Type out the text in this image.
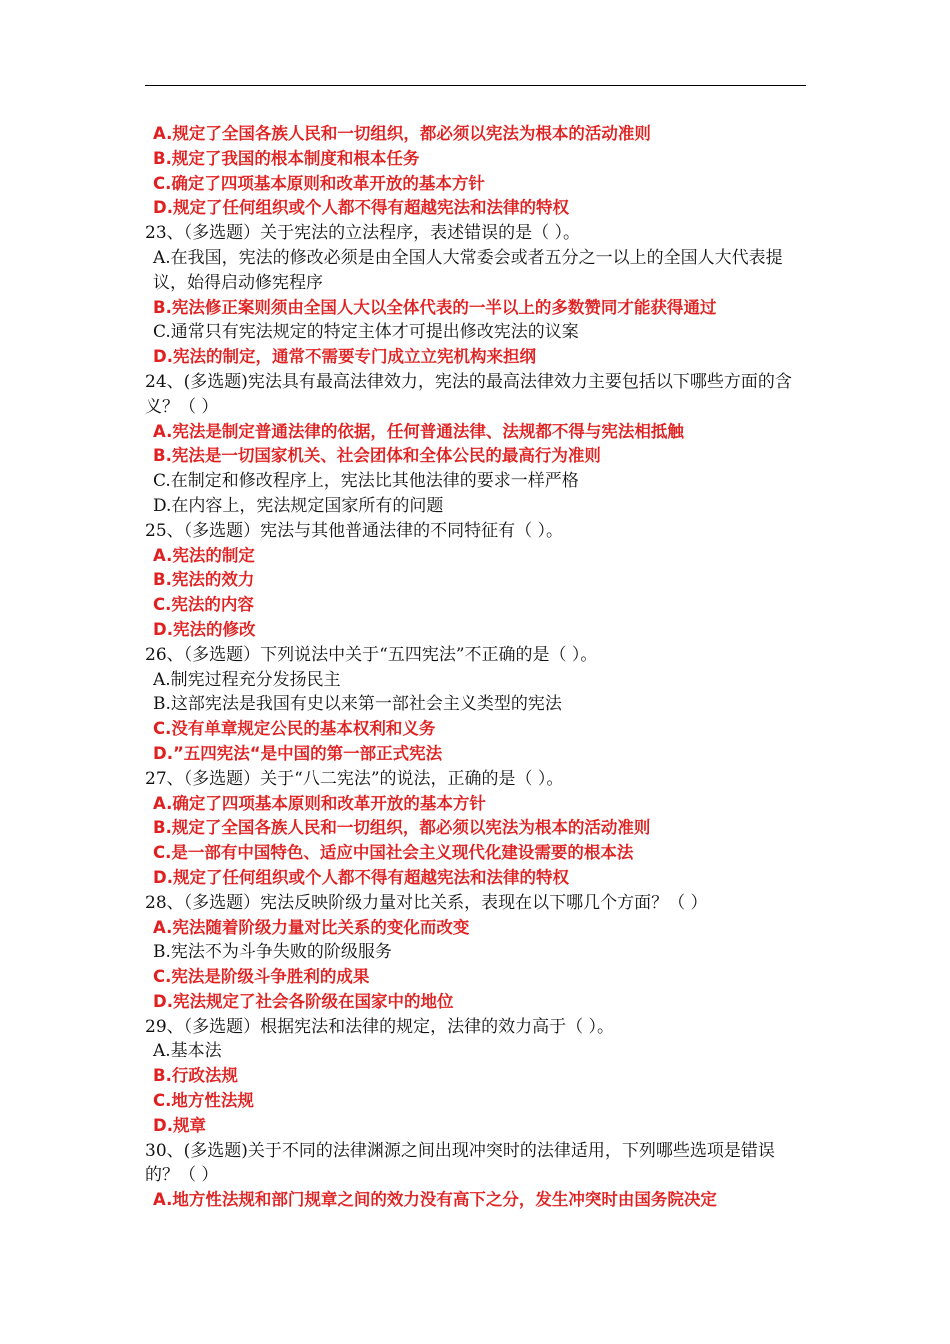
A.规定了全国各族人民和一切组织，都必须以宪法为根本的活动准则
B.规定了我国的根本制度和根本任务
C.确定了四项基本原则和改革开放的基本方针
D.规定了任何组织或个人都不得有超越宪法和法律的特权
23、（多选题）关于宪法的立法程序，表述错误的是（ ）。
A.在我国，宪法的修改必须是由全国人大常委会或者五分之一以上的全国人大代表提议，始得启动修宪程序
B.宪法修正案则须由全国人大以全体代表的一半以上的多数赞同才能获得通过
C.通常只有宪法规定的特定主体才可提出修改宪法的议案
D.宪法的制定，通常不需要专门成立立宪机构来担纲
24、(多选题)宪法具有最高法律效力，宪法的最高法律效力主要包括以下哪些方面的含义？（ ）
A.宪法是制定普通法律的依据，任何普通法律、法规都不得与宪法相抵触
B.宪法是一切国家机关、社会团体和全体公民的最高行为准则
C.在制定和修改程序上，宪法比其他法律的要求一样严格
D.在内容上，宪法规定国家所有的问题
25、（多选题）宪法与其他普通法律的不同特征有（ ）。
A.宪法的制定
B.宪法的效力
C.宪法的内容
D.宪法的修改
26、（多选题）下列说法中关于“五四宪法”不正确的是（ ）。
A.制宪过程充分发扬民主
B.这部宪法是我国有史以来第一部社会主义类型的宪法
C.没有单章规定公民的基本权利和义务
D.”五四宪法“是中国的第一部正式宪法
27、（多选题）关于“八二宪法”的说法，正确的是（ ）。
A.确定了四项基本原则和改革开放的基本方针
B.规定了全国各族人民和一切组织，都必须以宪法为根本的活动准则
C.是一部有中国特色、适应中国社会主义现代化建设需要的根本法
D.规定了任何组织或个人都不得有超越宪法和法律的特权
28、（多选题）宪法反映阶级力量对比关系，表现在以下哪几个方面？（ ）
A.宪法随着阶级力量对比关系的变化而改变
B.宪法不为斗争失败的阶级服务
C.宪法是阶级斗争胜利的成果
D.宪法规定了社会各阶级在国家中的地位
29、（多选题）根据宪法和法律的规定，法律的效力高于（ ）。
A.基本法
B.行政法规
C.地方性法规
D.规章
30、(多选题)关于不同的法律渊源之间出现冲突时的法律适用，下列哪些选项是错误的？（ ）
A.地方性法规和部门规章之间的效力没有高下之分，发生冲突时由国务院决定
